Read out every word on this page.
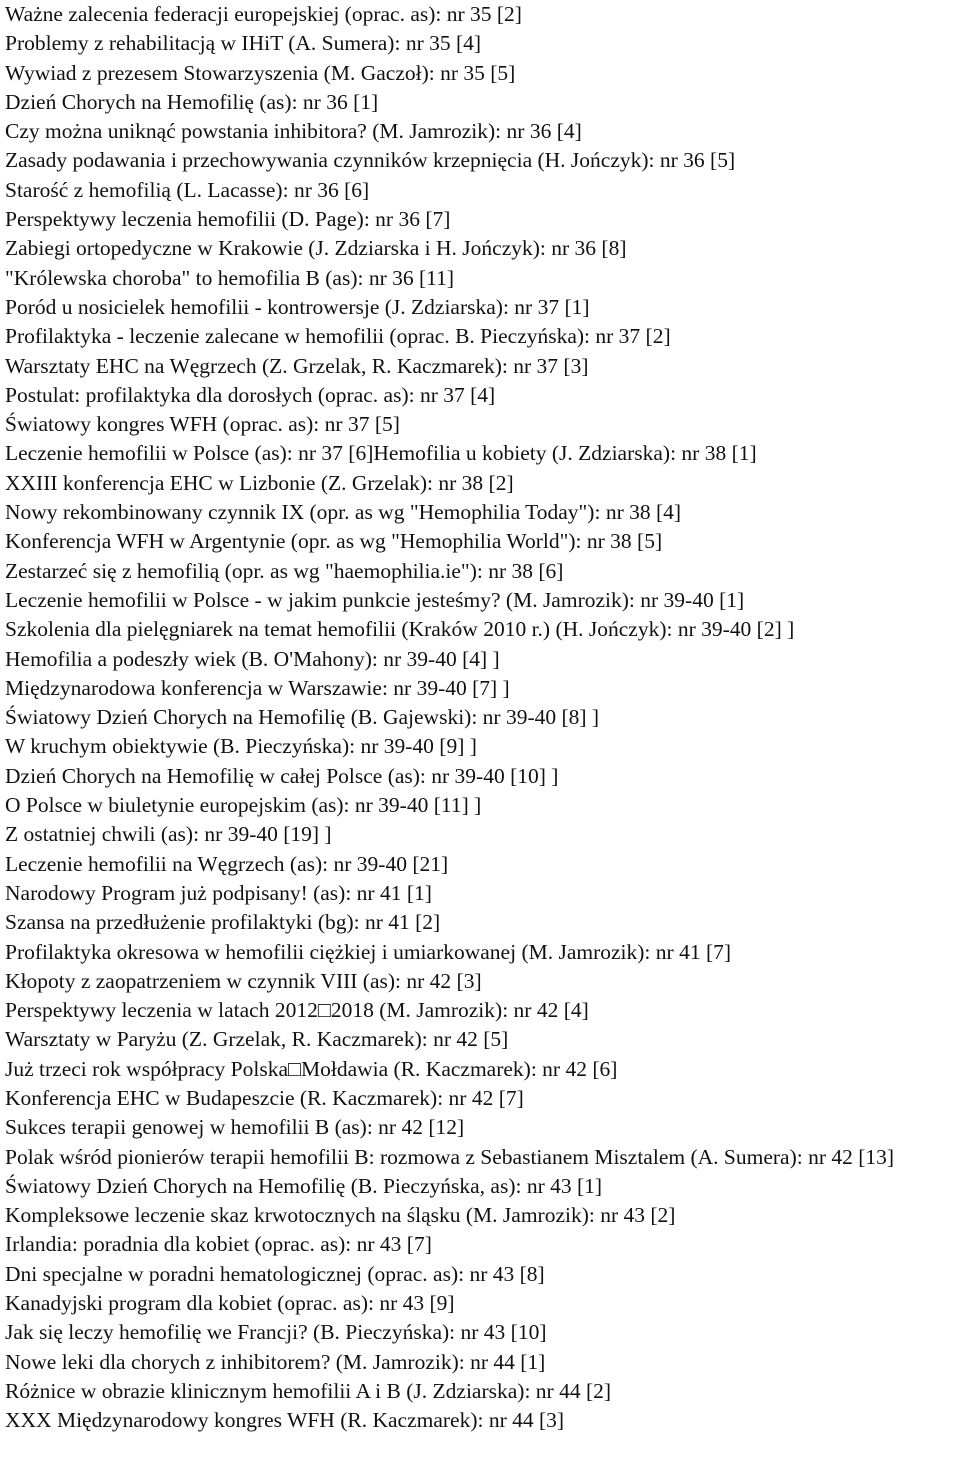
Ważne zalecenia federacji europejskiej (oprac. as): nr 35 [2]
Problemy z rehabilitacją w IHiT (A. Sumera): nr 35 [4]
Wywiad z prezesem Stowarzyszenia (M. Gaczoł): nr 35 [5]
Dzień Chorych na Hemofilię (as): nr 36 [1]
Czy można uniknąć powstania inhibitora? (M. Jamrozik): nr 36 [4]
Zasady podawania i przechowywania czynników krzepnięcia (H. Jończyk): nr 36 [5]
Starość z hemofilią (L. Lacasse): nr 36 [6]
Perspektywy leczenia hemofilii (D. Page): nr 36 [7]
Zabiegi ortopedyczne w Krakowie (J. Zdziarska i H. Jończyk): nr 36 [8]
"Królewska choroba" to hemofilia B (as): nr 36 [11]
Poród u nosicielek hemofilii - kontrowersje (J. Zdziarska): nr 37 [1]
Profilaktyka - leczenie zalecane w hemofilii (oprac. B. Pieczyńska): nr 37 [2]
Warsztaty EHC na Węgrzech (Z. Grzelak, R. Kaczmarek): nr 37 [3]
Postulat: profilaktyka dla dorosłych (oprac. as): nr 37 [4]
Światowy kongres WFH (oprac. as): nr 37 [5]
Leczenie hemofilii w Polsce (as): nr 37 [6]Hemofilia u kobiety (J. Zdziarska): nr 38 [1]
XXIII konferencja EHC w Lizbonie (Z. Grzelak): nr 38 [2]
Nowy rekombinowany czynnik IX (opr. as wg "Hemophilia Today"): nr 38 [4]
Konferencja WFH w Argentynie (opr. as wg "Hemophilia World"): nr 38 [5]
Zestarzeć się z hemofilią (opr. as wg "haemophilia.ie"): nr 38 [6]
Leczenie hemofilii w Polsce - w jakim punkcie jesteśmy? (M. Jamrozik): nr 39-40 [1]
Szkolenia dla pielęgniarek na temat hemofilii (Kraków 2010 r.) (H. Jończyk): nr 39-40 [2] ]
Hemofilia a podeszły wiek (B. O'Mahony): nr 39-40 [4] ]
Międzynarodowa konferencja w Warszawie: nr 39-40 [7] ]
Światowy Dzień Chorych na Hemofilię (B. Gajewski): nr 39-40 [8] ]
W kruchym obiektywie (B. Pieczyńska): nr 39-40 [9] ]
Dzień Chorych na Hemofilię w całej Polsce (as): nr 39-40 [10] ]
O Polsce w biuletynie europejskim (as): nr 39-40 [11] ]
Z ostatniej chwili (as): nr 39-40 [19] ]
Leczenie hemofilii na Węgrzech (as): nr 39-40 [21]
Narodowy Program już podpisany! (as): nr 41 [1]
Szansa na przedłużenie profilaktyki (bg): nr 41 [2]
Profilaktyka okresowa w hemofilii ciężkiej i umiarkowanej (M. Jamrozik): nr 41 [7]
Kłopoty z zaopatrzeniem w czynnik VIII (as): nr 42 [3]
Perspektywy leczenia w latach 2012□2018 (M. Jamrozik): nr 42 [4]
Warsztaty w Paryżu (Z. Grzelak, R. Kaczmarek): nr 42 [5]
Już trzeci rok współpracy Polska□Mołdawia (R. Kaczmarek): nr 42 [6]
Konferencja EHC w Budapeszcie (R. Kaczmarek): nr 42 [7]
Sukces terapii genowej w hemofilii B (as): nr 42 [12]
Polak wśród pionierów terapii hemofilii B: rozmowa z Sebastianem Misztalem (A. Sumera): nr 42 [13]
Światowy Dzień Chorych na Hemofilię (B. Pieczyńska, as): nr 43 [1]
Kompleksowe leczenie skaz krwotocznych na śląsku (M. Jamrozik): nr 43 [2]
Irlandia: poradnia dla kobiet (oprac. as): nr 43 [7]
Dni specjalne w poradni hematologicznej (oprac. as): nr 43 [8]
Kanadyjski program dla kobiet (oprac. as): nr 43 [9]
Jak się leczy hemofilię we Francji? (B. Pieczyńska): nr 43 [10]
Nowe leki dla chorych z inhibitorem? (M. Jamrozik): nr 44 [1]
Różnice w obrazie klinicznym hemofilii A i B (J. Zdziarska): nr 44 [2]
XXX Międzynarodowy kongres WFH (R. Kaczmarek): nr 44 [3]
